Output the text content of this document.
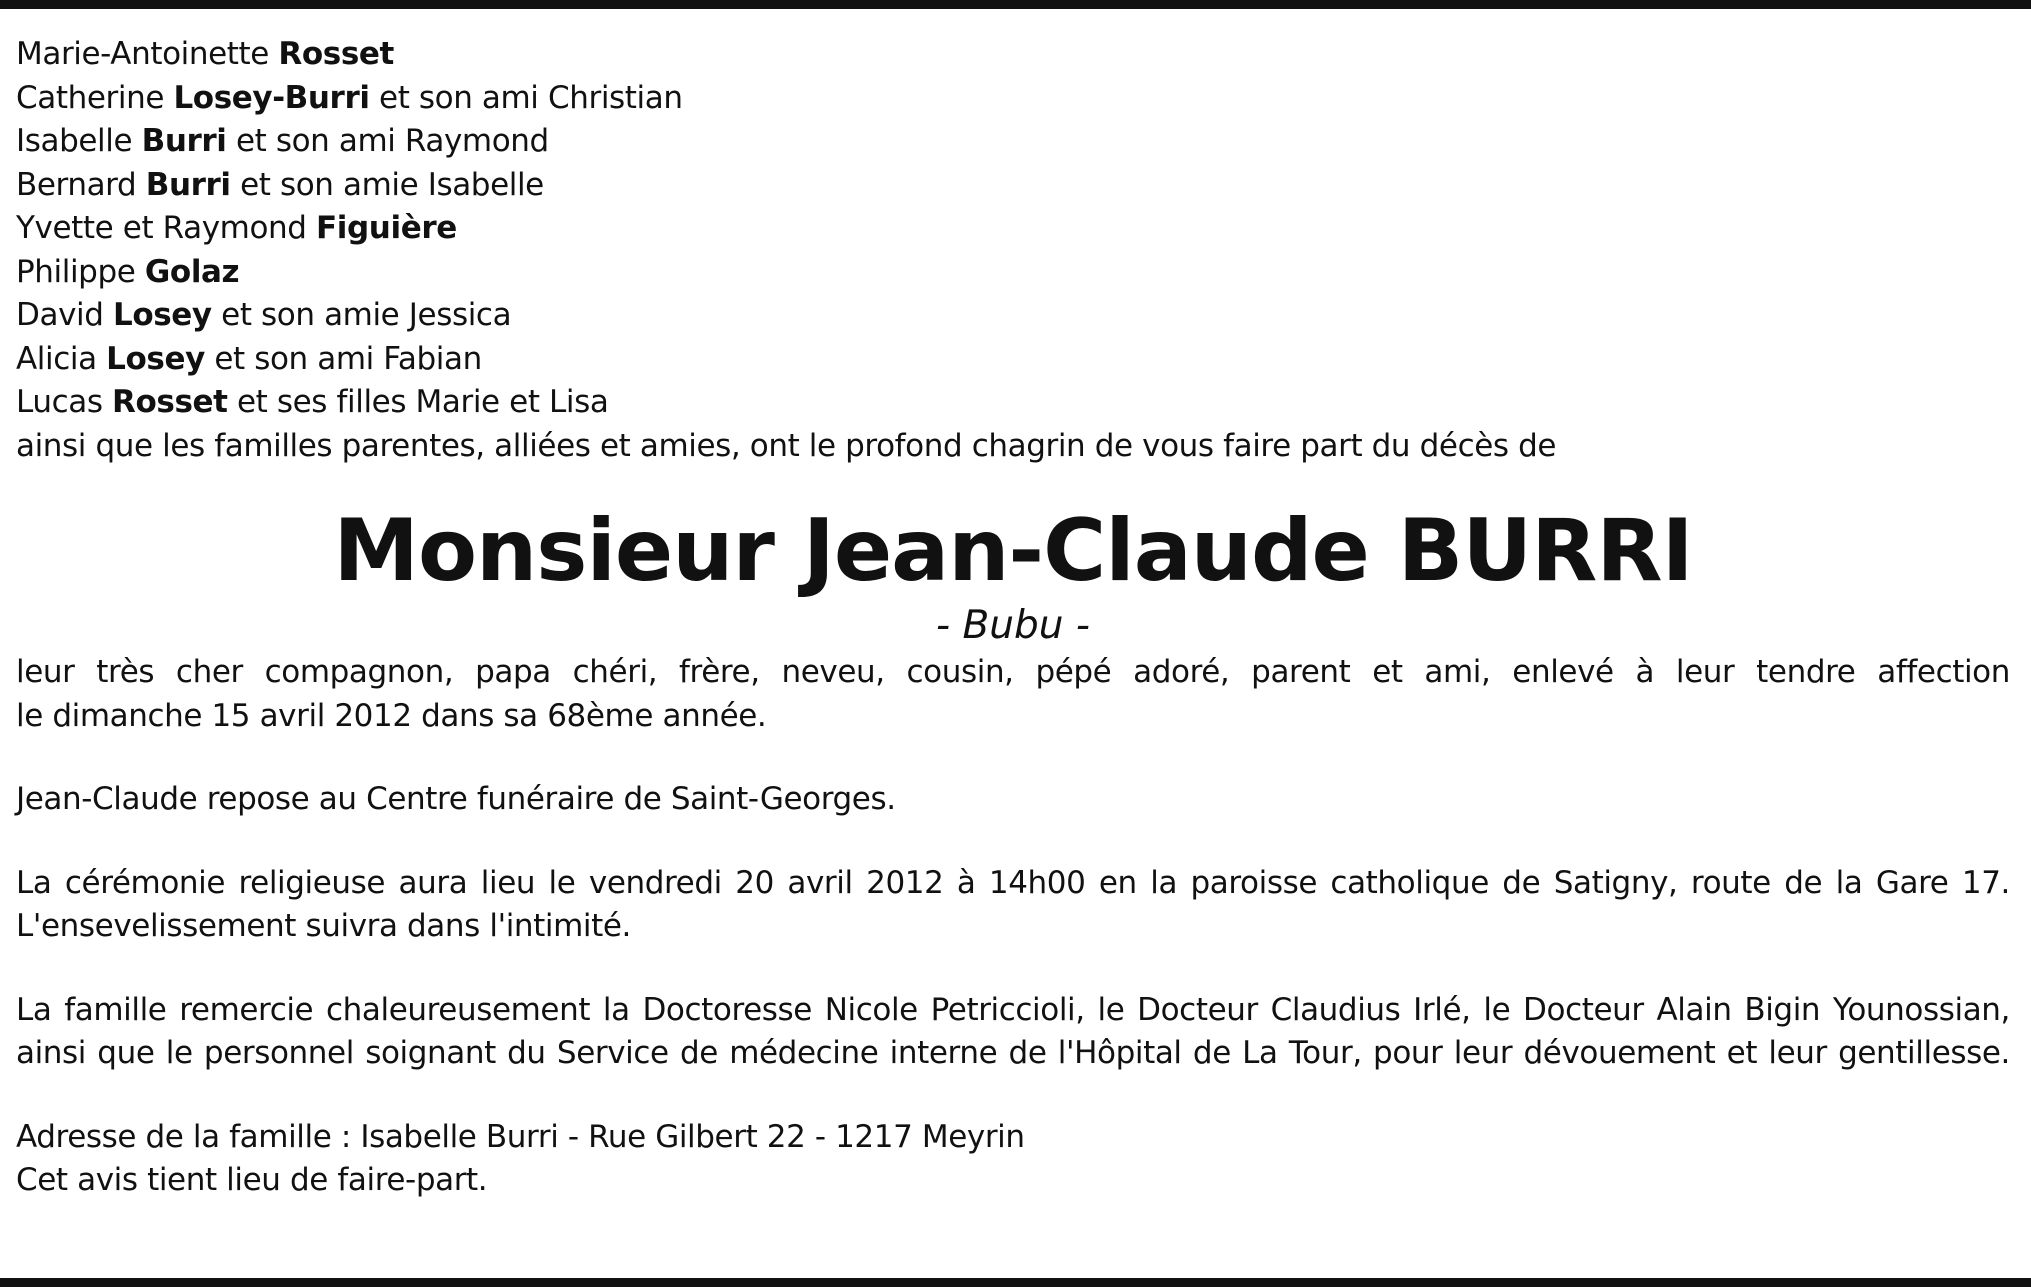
Marie-Antoinette Rosset
Catherine Losey-Burri et son ami Christian
Isabelle Burri et son ami Raymond
Bernard Burri et son amie Isabelle
Yvette et Raymond Figuière
Philippe Golaz
David Losey et son amie Jessica
Alicia Losey et son ami Fabian
Lucas Rosset et ses filles Marie et Lisa
ainsi que les familles parentes, alliées et amies, ont le profond chagrin de vous faire part du décès de
Monsieur Jean-Claude BURRI
- Bubu -

leur très cher compagnon, papa chéri, frère, neveu, cousin, pépé adoré, parent et ami, enlevé à leur tendre affection
le dimanche 15 avril 2012 dans sa 68ème année.

Jean-Claude repose au Centre funéraire de Saint-Georges.

La cérémonie religieuse aura lieu le vendredi 20 avril 2012 à 14h00 en la paroisse catholique de Satigny, route de la Gare 17.
L'ensevelissement suivra dans l'intimité.

La famille remercie chaleureusement la Doctoresse Nicole Petriccioli, le Docteur Claudius Irlé, le Docteur Alain Bigin Younossian,
ainsi que le personnel soignant du Service de médecine interne de l'Hôpital de La Tour, pour leur dévouement et leur gentillesse.

Adresse de la famille : Isabelle Burri - Rue Gilbert 22 - 1217 Meyrin
Cet avis tient lieu de faire-part.
